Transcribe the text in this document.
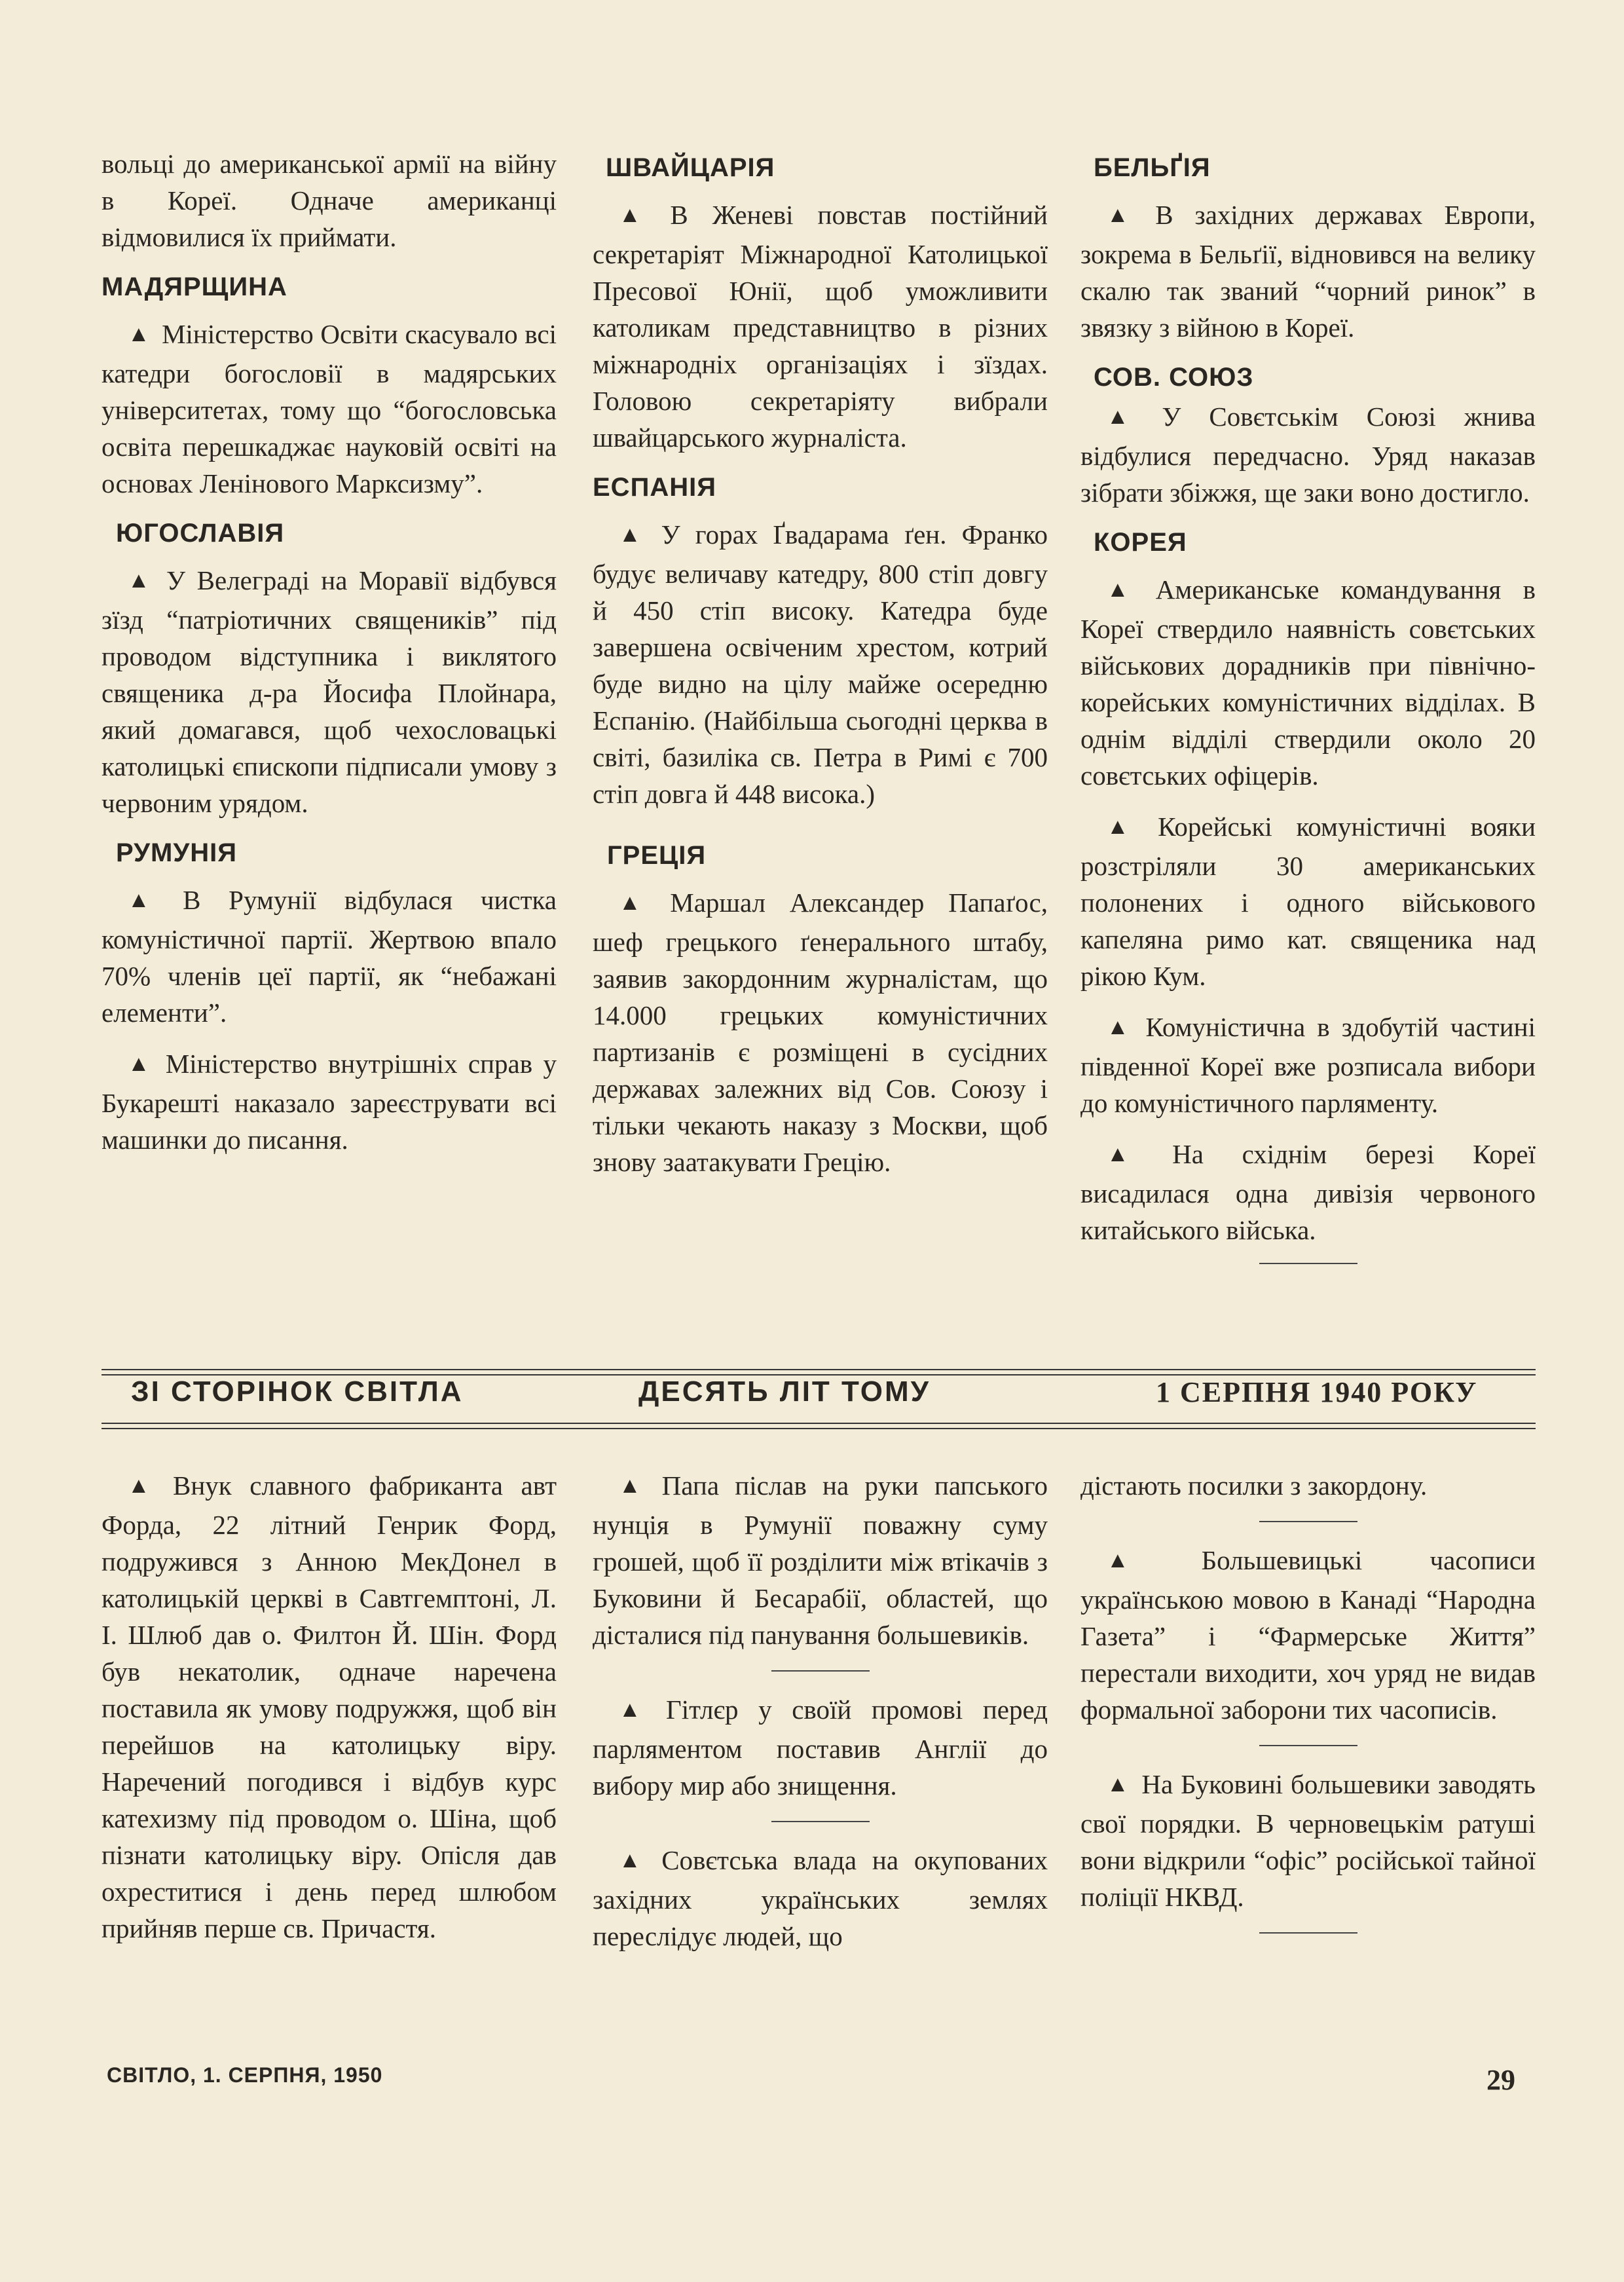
вольці до американської армії на війну в Кореї. Одначе американці відмовилися їх приймати.

МАДЯРЩИНА

▲ Міністерство Освіти скасувало всі катедри богословії в мадярських університетах, тому що “богословська освіта перешкаджає науковій освіті на основах Ленінового Марксизму”.

ЮГОСЛАВІЯ

▲ У Велеграді на Моравії відбувся зїзд “патріотичних священиків” під проводом відступника і виклятого священика д-ра Йосифа Плойнара, який домагався, щоб чехословацькі католицькі єпископи підписали умову з червоним урядом.

РУМУНІЯ

▲ В Румунії відбулася чистка комуністичної партії. Жертвою впало 70% членів цеї партії, як “небажані елементи”.

▲ Міністерство внутрішніх справ у Букарешті наказало зареєструвати всі машинки до писання.

ШВАЙЦАРІЯ

▲ В Женеві повстав постійний секретаріят Міжнародної Католицької Пресової Юнії, щоб уможливити католикам представництво в різних міжнародніх організаціях і зїздах. Головою секретаріяту вибрали швайцарського журналіста.

ЕСПАНІЯ

▲ У горах Ґвадарама ґен. Франко будує величаву катедру, 800 стіп довгу й 450 стіп високу. Катедра буде завершена освіченим хрестом, котрий буде видно на цілу майже осередню Еспанію. (Найбільша сьогодні церква в світі, базиліка св. Петра в Римі є 700 стіп довга й 448 висока.)

ГРЕЦІЯ

▲ Маршал Александер Папаґос, шеф грецького ґенерального штабу, заявив закордонним журналістам, що 14.000 грецьких комуністичних партизанів є розміщені в сусідних державах залежних від Сов. Союзу і тільки чекають наказу з Москви, щоб знову заатакувати Грецію.

БЕЛЬҐІЯ

▲ В західних державах Европи, зокрема в Бельґії, відновився на велику скалю так званий “чорний ринок” в звязку з війною в Кореї.

СОВ. СОЮЗ

▲ У Совєтськім Союзі жнива відбулися передчасно. Уряд наказав зібрати збіжжя, ще заки воно достигло.

КОРЕЯ

▲ Американське командування в Кореї ствердило наявність совєтських військових дорадників при північно-корейських комуністичних відділах. В однім відділі ствердили около 20 совєтських офіцерів.

▲ Корейські комуністичні вояки розстріляли 30 американських полонених і одного військового капеляна римо кат. священика над рікою Кум.

▲ Комуністична в здобутій частині південної Кореї вже розписала вибори до комуністичного парляменту.

▲ На східнім березі Кореї висадилася одна дивізія червоного китайського війська.

ЗІ СТОРІНОК СВІТЛА	ДЕСЯТЬ ЛІТ ТОМУ	1 СЕРПНЯ 1940 РОКУ

▲ Внук славного фабриканта авт Форда, 22 літний Генрик Форд, подружився з Анною МекДонел в католицькій церкві в Савтгемптоні, Л. І. Шлюб дав о. Филтон Й. Шін. Форд був некатолик, одначе наречена поставила як умову подружжя, щоб він перейшов на католицьку віру. Наречений погодився і відбув курс катехизму під проводом о. Шіна, щоб пізнати католицьку віру. Опісля дав охреститися і день перед шлюбом прийняв перше св. Причастя.

▲ Папа післав на руки папського нунція в Румунії поважну суму грошей, щоб її розділити між втікачів з Буковини й Бесарабії, областей, що дісталися під панування большевиків.

▲ Гітлєр у своїй промові перед парляментом поставив Англії до вибору мир або знищення.

▲ Совєтська влада на окупованих західних українських землях переслідує людей, що

дістають посилки з закордону.

▲ Большевицькі часописи українською мовою в Канаді “Народна Газета” і “Фармерське Життя” перестали виходити, хоч уряд не видав формальної заборони тих часописів.

▲ На Буковині большевики заводять свої порядки. В черновецькім ратуші вони відкрили “офіс” російської тайної поліції НКВД.

СВІТЛО, 1. СЕРПНЯ, 1950	29
